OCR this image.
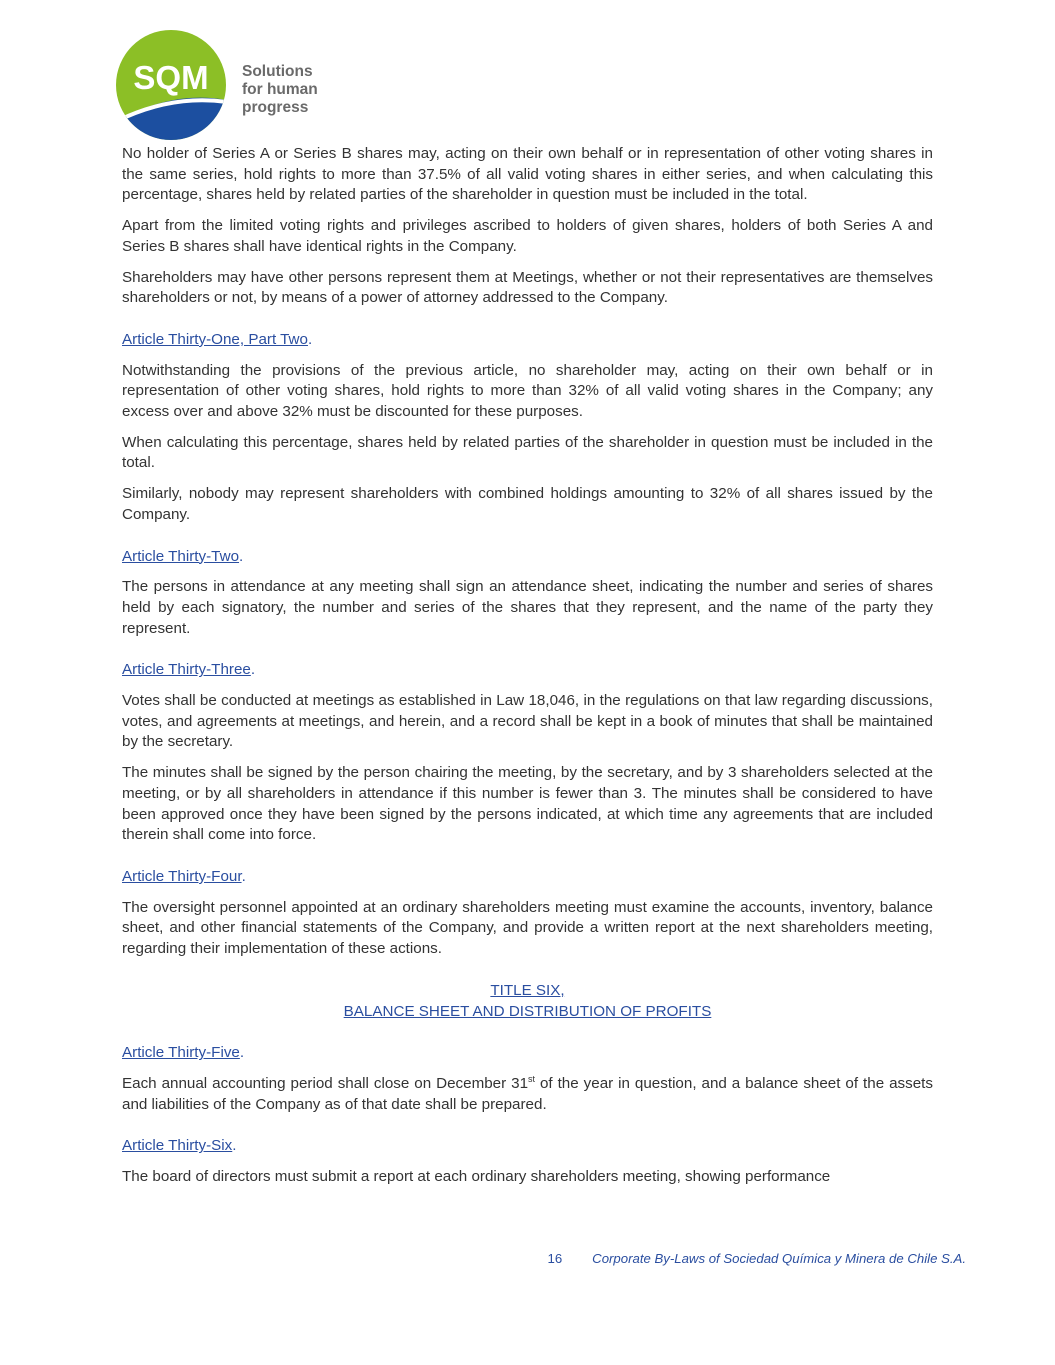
SQM Solutions
for human
progress

No holder of Series A or Series B shares may, acting on their own behalf or in representation of other voting shares in the same series, hold rights to more than 37.5% of all valid voting shares in either series, and when calculating this percentage, shares held by related parties of the shareholder in question must be included in the total.

Apart from the limited voting rights and privileges ascribed to holders of given shares, holders of both Series A and Series B shares shall have identical rights in the Company.

Shareholders may have other persons represent them at Meetings, whether or not their representatives are themselves shareholders or not, by means of a power of attorney addressed to the Company.

Article Thirty-One, Part Two.

Notwithstanding the provisions of the previous article, no shareholder may, acting on their own behalf or in representation of other voting shares, hold rights to more than 32% of all valid voting shares in the Company; any excess over and above 32% must be discounted for these purposes.

When calculating this percentage, shares held by related parties of the shareholder in question must be included in the total.

Similarly, nobody may represent shareholders with combined holdings amounting to 32% of all shares issued by the Company.

Article Thirty-Two.

The persons in attendance at any meeting shall sign an attendance sheet, indicating the number and series of shares held by each signatory, the number and series of the shares that they represent, and the name of the party they represent.

Article Thirty-Three.

Votes shall be conducted at meetings as established in Law 18,046, in the regulations on that law regarding discussions, votes, and agreements at meetings, and herein, and a record shall be kept in a book of minutes that shall be maintained by the secretary.

The minutes shall be signed by the person chairing the meeting, by the secretary, and by 3 shareholders selected at the meeting, or by all shareholders in attendance if this number is fewer than 3. The minutes shall be considered to have been approved once they have been signed by the persons indicated, at which time any agreements that are included therein shall come into force.

Article Thirty-Four.

The oversight personnel appointed at an ordinary shareholders meeting must examine the accounts, inventory, balance sheet, and other financial statements of the Company, and provide a written report at the next shareholders meeting, regarding their implementation of these actions.

TITLE SIX,
BALANCE SHEET AND DISTRIBUTION OF PROFITS
Article Thirty-Five.

Each annual accounting period shall close on December 31st of the year in question, and a balance sheet of the assets and liabilities of the Company as of that date shall be prepared.

Article Thirty-Six.

The board of directors must submit a report at each ordinary shareholders meeting, showing performance

16 Corporate By-Laws of Sociedad Química y Minera de Chile S.A.
